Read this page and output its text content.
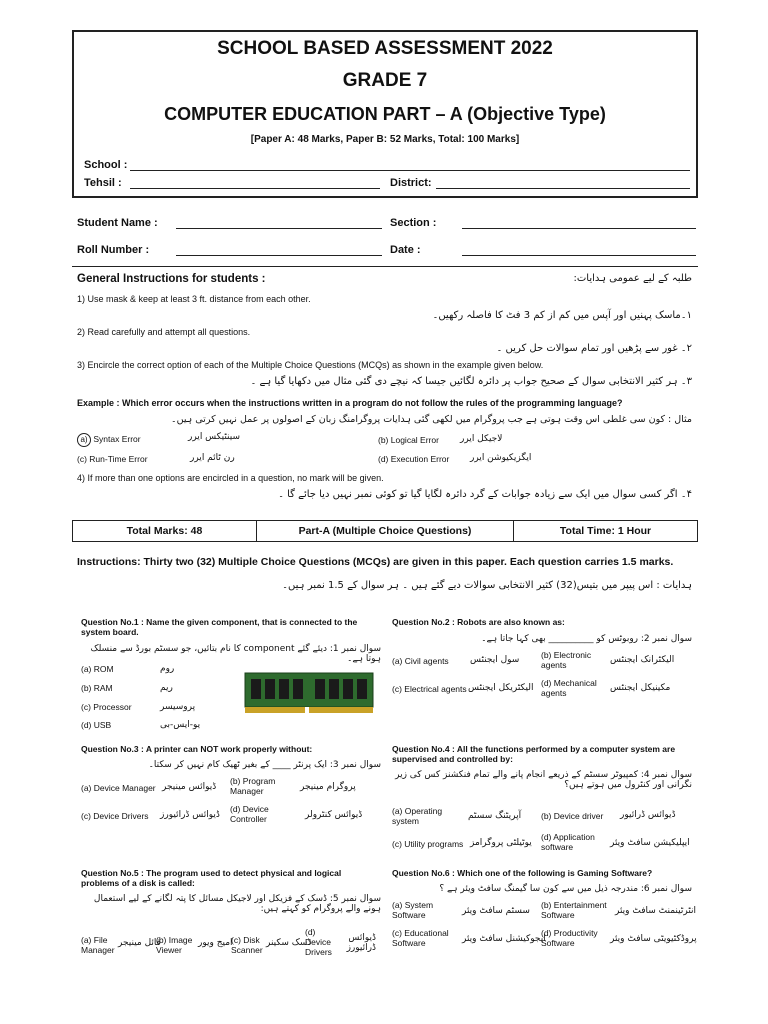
SCHOOL BASED ASSESSMENT 2022
GRADE 7
COMPUTER EDUCATION PART – A (Objective Type)
[Paper A: 48 Marks, Paper B: 52 Marks, Total: 100 Marks]
School :
Tehsil :	District:
Student Name :	Section :
Roll Number :	Date :
General Instructions for students :	طلبہ کے لیے عمومی ہدایات:
1) Use mask & keep at least 3 ft. distance from each other.
۱۔ماسک پہنیں اور آپس میں کم از کم 3 فٹ کا فاصلہ رکھیں۔
2) Read carefully and attempt all questions.
۲۔ غور سے پڑھیں اور تمام سوالات حل کریں ۔
3) Encircle the correct option of each of the Multiple Choice Questions (MCQs) as shown in the example given below.
۳۔ ہر کثیر الانتخابی سوال کے صحیح جواب پر دائرہ لگائیں جیسا کہ نیچے دی گئی مثال میں دکھایا گیا ہے ۔
Example : Which error occurs when the instructions written in a program do not follow the rules of the programming language?
مثال : کون سی غلطی اس وقت ہوتی ہے جب پروگرام میں لکھی گئی ہدایات پروگرامنگ زبان کے اصولوں پر عمل نہیں کرتی ہیں۔
a) Syntax Error	سینٹیکس ایرر	(b) Logical Error لاجیکل ایرر
(c) Run-Time Error	رن ٹائم ایرر	(d) Execution Error ایگزیکیوشن ایرر
4) If more than one options are encircled in a question, no mark will be given.
۴۔ اگر کسی سوال میں ایک سے زیادہ جوابات کے گرد دائرہ لگایا گیا تو کوئی نمبر نہیں دیا جائے گا ۔
Total Marks: 48	Part-A (Multiple Choice Questions)	Total Time: 1 Hour
Instructions: Thirty two (32) Multiple Choice Questions (MCQs) are given in this paper. Each question carries 1.5 marks.
ہدایات : اس پیپر میں بتیس(32) کثیر الانتخابی سوالات دیے گئے ہیں ۔ ہر سوال کے 1.5 نمبر ہیں۔
Question No.1 : Name the given component, that is connected to the system board.
سوال نمبر 1: دیئے گئے component کا نام بتائیں، جو سسٹم بورڈ سے منسلک ہوتا ہے۔
(a) ROM	روم
(b) RAM	ریم
(c) Processor	پروسیسر
(d) USB	یو-ایس-بی
Question No.2 : Robots are also known as:
سوال نمبر 2: روبوٹس کو __________ بھی کہا جاتا ہے۔
(a) Civil agents سول ایجنٹس	(b) Electronic agents	الیکٹرانک ایجنٹس
(c) Electrical agents الیکٹریکل ایجنٹس (d) Mechanical agents	مکینیکل ایجنٹس
Question No.3 : A printer can NOT work properly without:
سوال نمبر 3: ایک پرنٹر ____ کے بغیر ٹھیک کام نہیں کر سکتا۔
(a) Device Manager ڈیوائس مینیجر
(b) Program Manager	پروگرام مینیجر
(c) Device Drivers ڈیوائس ڈرائیورز
(d) Device Controller	ڈیوائس کنٹرولر
Question No.4 : All the functions performed by a computer system are supervised and controlled by:
سوال نمبر 4: کمپیوٹر سسٹم کے ذریعے انجام پانے والے تمام فنکشنز کس کی زیر نگرانی اور کنٹرول میں ہوتے ہیں؟
(a) Operating system	آپریٹنگ سسٹم (b) Device driver ڈیوائس ڈرائیور
(c) Utility programs یوٹیلٹی پروگرامز
(d) Application software	ایپلیکیشن سافٹ ویئر
Question No.5 : The program used to detect physical and logical problems of a disk is called:
سوال نمبر 5: ڈسک کے فزیکل اور لاجیکل مسائل کا پتہ لگانے کے لیے استعمال ہونے والے پروگرام کو کہتے ہیں:
(a) File Manager
فائل مینیجر
(b) Image Viewer
امیج ویور
(c) Disk Scanner
ڈسک سکینر
(d) Device Drivers
ڈیوائس ڈرائیورز
Question No.6 : Which one of the following is Gaming Software?
سوال نمبر 6: مندرجہ ذیل میں سے کون سا گیمنگ سافٹ ویئر ہے ؟
(a) System Software	سسٹم سافٹ ویئر
(b) Entertainment Software	انٹرٹینمنٹ سافٹ ویئر
(c) Educational Software	ایجوکیشنل سافٹ ویئر
(d) Productivity Software	پروڈکٹیویٹی سافٹ ویئر
